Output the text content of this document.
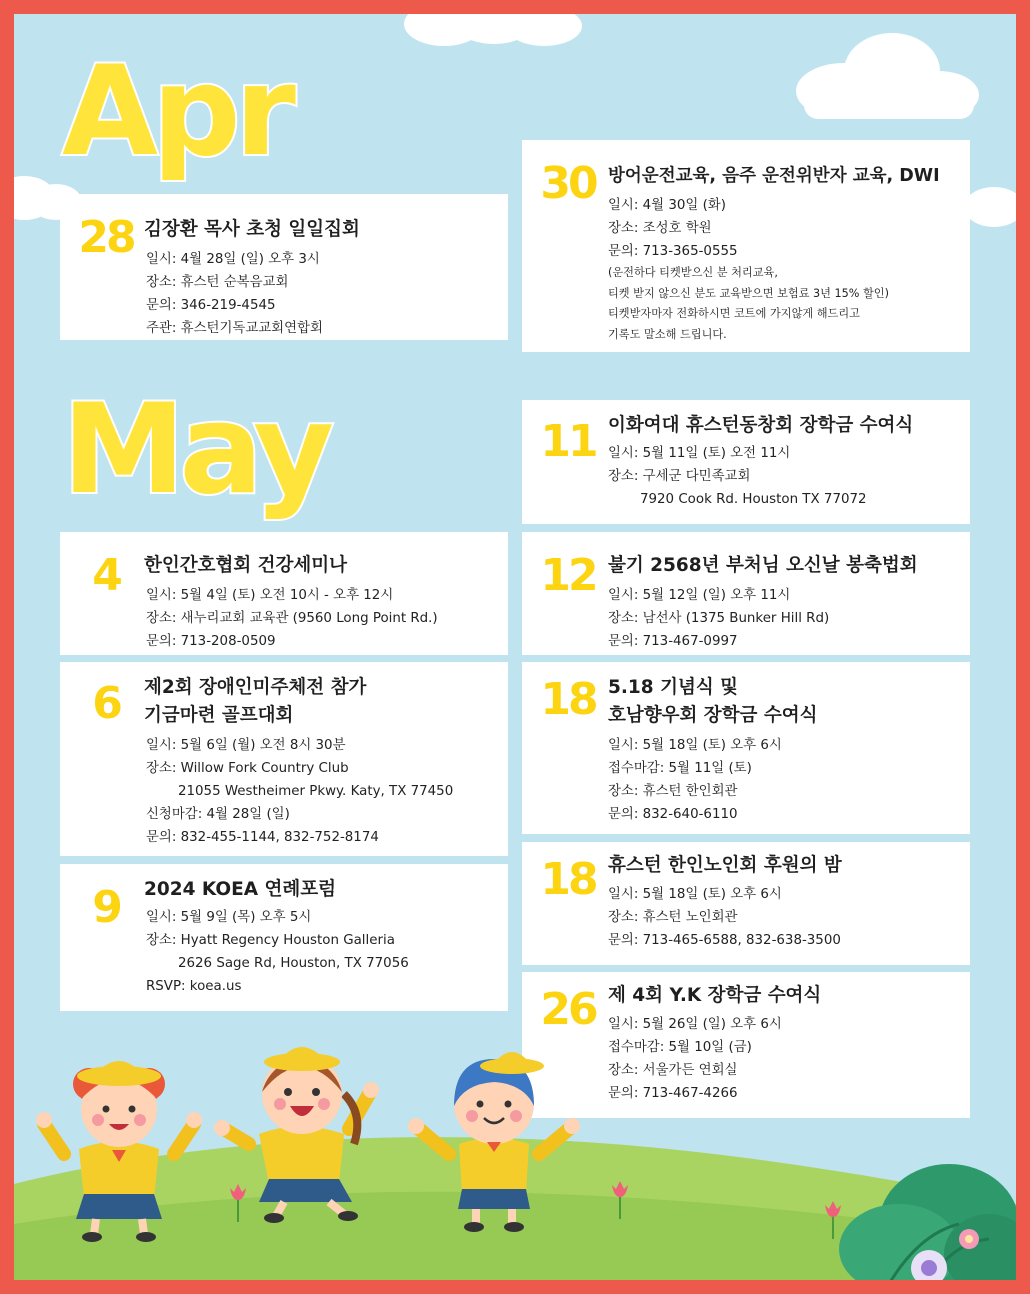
Apr
May
28 김장환 목사 초청 일일집회
일시: 4월 28일 (일) 오후 3시
장소: 휴스턴 순복음교회
문의: 346-219-4545
주관: 휴스턴기독교교회연합회
30 방어운전교육, 음주 운전위반자 교육, DWI
일시: 4월 30일 (화)
장소: 조성호 학원
문의: 713-365-0555
(운전하다 티켓받으신 분 처리교육,
티켓 받지 않으신 분도 교육받으면 보험료 3년 15% 할인)
티켓받자마자 전화하시면 코트에 가지않게 해드리고
기록도 말소해 드립니다.
4	한인간호협회 건강세미나
일시: 5월 4일 (토) 오전 10시 - 오후 12시
장소: 새누리교회 교육관 (9560 Long Point Rd.)
문의: 713-208-0509
6	제2회 장애인미주체전 참가
기금마련 골프대회
일시: 5월 6일 (월) 오전 8시 30분
장소: Willow Fork Country Club
21055 Westheimer Pkwy. Katy, TX 77450
신청마감: 4월 28일 (일)
문의: 832-455-1144, 832-752-8174
9	2024 KOEA 연례포럼
일시: 5월 9일 (목) 오후 5시
장소: Hyatt Regency Houston Galleria
2626 Sage Rd, Houston, TX 77056
RSVP: koea.us
11 이화여대 휴스턴동창회 장학금 수여식
일시: 5월 11일 (토) 오전 11시
장소: 구세군 다민족교회
7920 Cook Rd. Houston TX 77072
12 불기 2568년 부처님 오신날 봉축법회
일시: 5월 12일 (일) 오후 11시
장소: 남선사 (1375 Bunker Hill Rd)
문의: 713-467-0997
18 5.18 기념식 및
호남향우회 장학금 수여식
일시: 5월 18일 (토) 오후 6시
접수마감: 5월 11일 (토)
장소: 휴스턴 한인회관
문의: 832-640-6110
18 휴스턴 한인노인회 후원의 밤
일시: 5월 18일 (토) 오후 6시
장소: 휴스턴 노인회관
문의: 713-465-6588, 832-638-3500
26 제 4회 Y.K 장학금 수여식
일시: 5월 26일 (일) 오후 6시
접수마감: 5월 10일 (금)
장소: 서울가든 연회실
문의: 713-467-4266
